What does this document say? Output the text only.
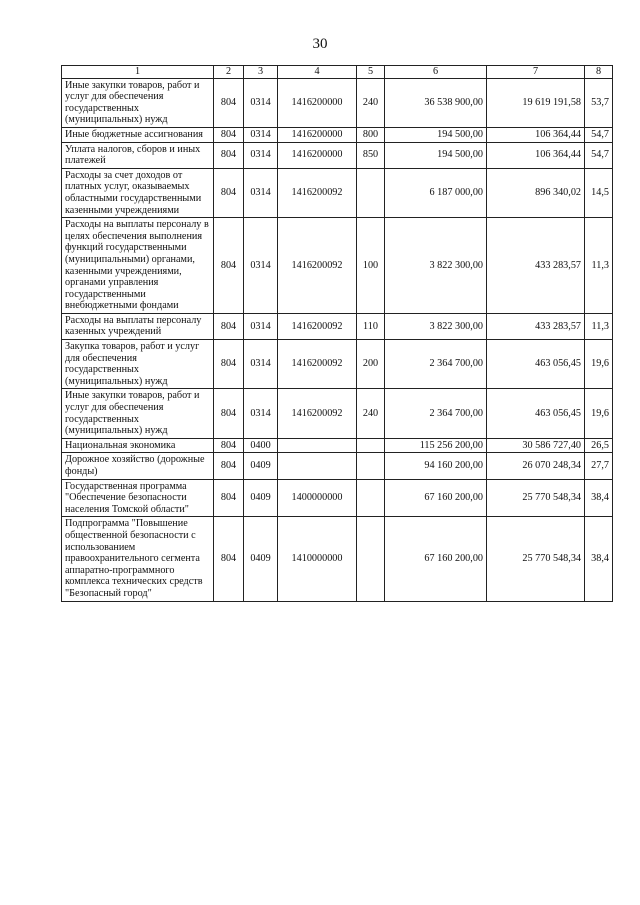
30
1	2	3	4	5	6	7	8
Иные закупки товаров, работ и услуг для обеспечения государственных (муниципальных) нужд	804	0314	1416200000	240	36 538 900,00	19 619 191,58	53,7
Иные бюджетные ассигнования	804	0314	1416200000	800	194 500,00	106 364,44	54,7
Уплата налогов, сборов и иных платежей	804	0314	1416200000	850	194 500,00	106 364,44	54,7
Расходы за счет доходов от платных услуг, оказываемых областными государственными казенными учреждениями	804	0314	1416200092		6 187 000,00	896 340,02	14,5
Расходы на выплаты персоналу в целях обеспечения выполнения функций государственными (муниципальными) органами, казенными учреждениями, органами управления государственными внебюджетными фондами	804	0314	1416200092	100	3 822 300,00	433 283,57	11,3
Расходы на выплаты персоналу казенных учреждений	804	0314	1416200092	110	3 822 300,00	433 283,57	11,3
Закупка товаров, работ и услуг для обеспечения государственных (муниципальных) нужд	804	0314	1416200092	200	2 364 700,00	463 056,45	19,6
Иные закупки товаров, работ и услуг для обеспечения государственных (муниципальных) нужд	804	0314	1416200092	240	2 364 700,00	463 056,45	19,6
Национальная экономика	804	0400			115 256 200,00	30 586 727,40	26,5
Дорожное хозяйство (дорожные фонды)	804	0409			94 160 200,00	26 070 248,34	27,7
Государственная программа "Обеспечение безопасности населения Томской области"	804	0409	1400000000		67 160 200,00	25 770 548,34	38,4
Подпрограмма "Повышение общественной безопасности с использованием правоохранительного сегмента аппаратно-программного комплекса технических средств "Безопасный город"	804	0409	1410000000		67 160 200,00	25 770 548,34	38,4
